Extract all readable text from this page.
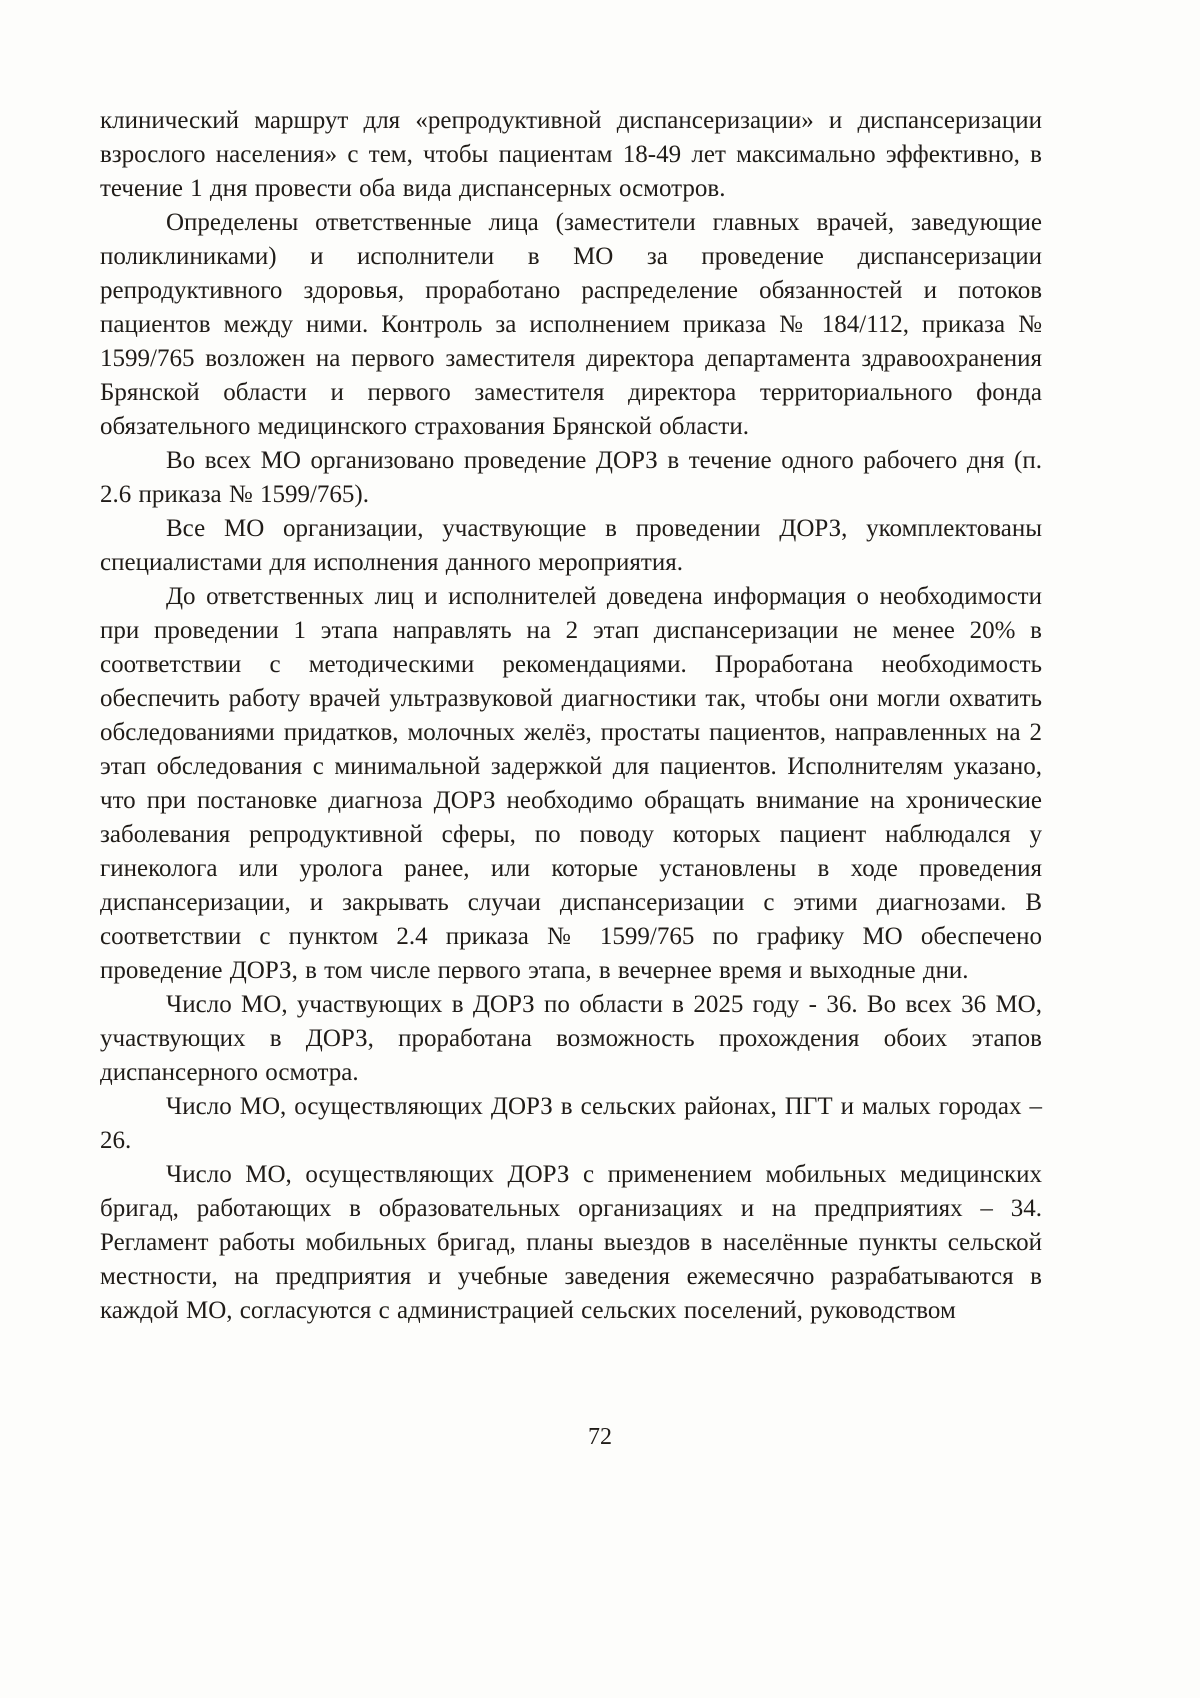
клинический маршрут для «репродуктивной диспансеризации» и диспансеризации взрослого населения» с тем, чтобы пациентам 18-49 лет максимально эффективно, в течение 1 дня провести оба вида диспансерных осмотров.

Определены ответственные лица (заместители главных врачей, заведующие поликлиниками) и исполнители в МО за проведение диспансеризации репродуктивного здоровья, проработано распределение обязанностей и потоков пациентов между ними. Контроль за исполнением приказа № 184/112, приказа № 1599/765 возложен на первого заместителя директора департамента здравоохранения Брянской области и первого заместителя директора территориального фонда обязательного медицинского страхования Брянской области.

Во всех МО организовано проведение ДОРЗ в течение одного рабочего дня (п. 2.6 приказа № 1599/765).

Все МО организации, участвующие в проведении ДОРЗ, укомплектованы специалистами для исполнения данного мероприятия.

До ответственных лиц и исполнителей доведена информация о необходимости при проведении 1 этапа направлять на 2 этап диспансеризации не менее 20% в соответствии с методическими рекомендациями. Проработана необходимость обеспечить работу врачей ультразвуковой диагностики так, чтобы они могли охватить обследованиями придатков, молочных желёз, простаты пациентов, направленных на 2 этап обследования с минимальной задержкой для пациентов. Исполнителям указано, что при постановке диагноза ДОРЗ необходимо обращать внимание на хронические заболевания репродуктивной сферы, по поводу которых пациент наблюдался у гинеколога или уролога ранее, или которые установлены в ходе проведения диспансеризации, и закрывать случаи диспансеризации с этими диагнозами. В соответствии с пунктом 2.4 приказа № 1599/765 по графику МО обеспечено проведение ДОРЗ, в том числе первого этапа, в вечернее время и выходные дни.

Число МО, участвующих в ДОРЗ по области в 2025 году - 36. Во всех 36 МО, участвующих в ДОРЗ, проработана возможность прохождения обоих этапов диспансерного осмотра.

Число МО, осуществляющих ДОРЗ в сельских районах, ПГТ и малых городах – 26.

Число МО, осуществляющих ДОРЗ с применением мобильных медицинских бригад, работающих в образовательных организациях и на предприятиях – 34. Регламент работы мобильных бригад, планы выездов в населённые пункты сельской местности, на предприятия и учебные заведения ежемесячно разрабатываются в каждой МО, согласуются с администрацией сельских поселений, руководством

72
